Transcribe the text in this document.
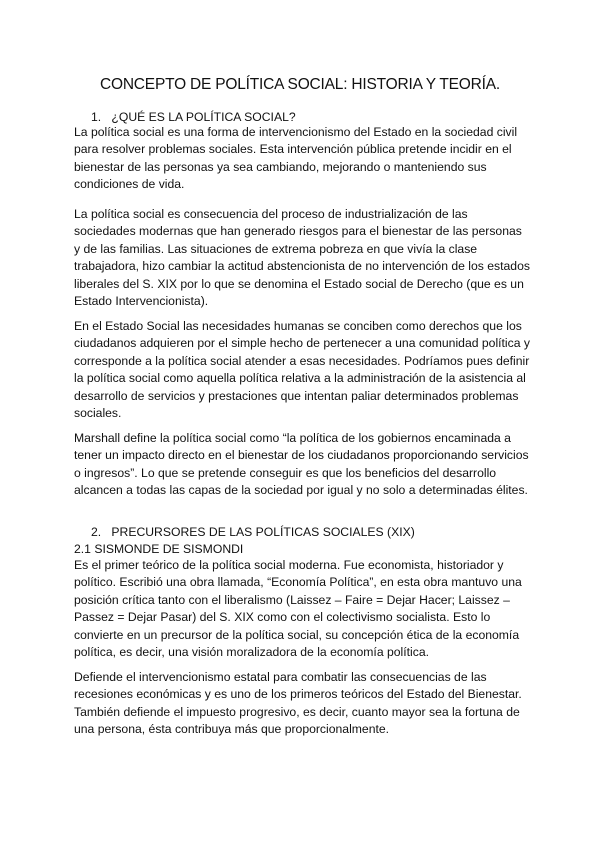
CONCEPTO DE POLÍTICA SOCIAL: HISTORIA Y TEORÍA.
1. ¿QUÉ ES LA POLÍTICA SOCIAL?

La política social es una forma de intervencionismo del Estado en la sociedad civil para resolver problemas sociales. Esta intervención pública pretende incidir en el bienestar de las personas ya sea cambiando, mejorando o manteniendo sus condiciones de vida.

La política social es consecuencia del proceso de industrialización de las sociedades modernas que han generado riesgos para el bienestar de las personas y de las familias. Las situaciones de extrema pobreza en que vivía la clase trabajadora, hizo cambiar la actitud abstencionista de no intervención de los estados liberales del S. XIX por lo que se denomina el Estado social de Derecho (que es un Estado Intervencionista).

En el Estado Social las necesidades humanas se conciben como derechos que los ciudadanos adquieren por el simple hecho de pertenecer a una comunidad política y corresponde a la política social atender a esas necesidades. Podríamos pues definir la política social como aquella política relativa a la administración de la asistencia al desarrollo de servicios y prestaciones que intentan paliar determinados problemas sociales.

Marshall define la política social como “la política de los gobiernos encaminada a tener un impacto directo en el bienestar de los ciudadanos proporcionando servicios o ingresos”. Lo que se pretende conseguir es que los beneficios del desarrollo alcancen a todas las capas de la sociedad por igual y no solo a determinadas élites.

2. PRECURSORES DE LAS POLÍTICAS SOCIALES (XIX)
2.1 SISMONDE DE SISMONDI

Es el primer teórico de la política social moderna. Fue economista, historiador y político. Escribió una obra llamada, “Economía Política”, en esta obra mantuvo una posición crítica tanto con el liberalismo (Laissez – Faire = Dejar Hacer; Laissez – Passez = Dejar Pasar) del S. XIX como con el colectivismo socialista. Esto lo convierte en un precursor de la política social, su concepción ética de la economía política, es decir, una visión moralizadora de la economía política.

Defiende el intervencionismo estatal para combatir las consecuencias de las recesiones económicas y es uno de los primeros teóricos del Estado del Bienestar. También defiende el impuesto progresivo, es decir, cuanto mayor sea la fortuna de una persona, ésta contribuya más que proporcionalmente.
